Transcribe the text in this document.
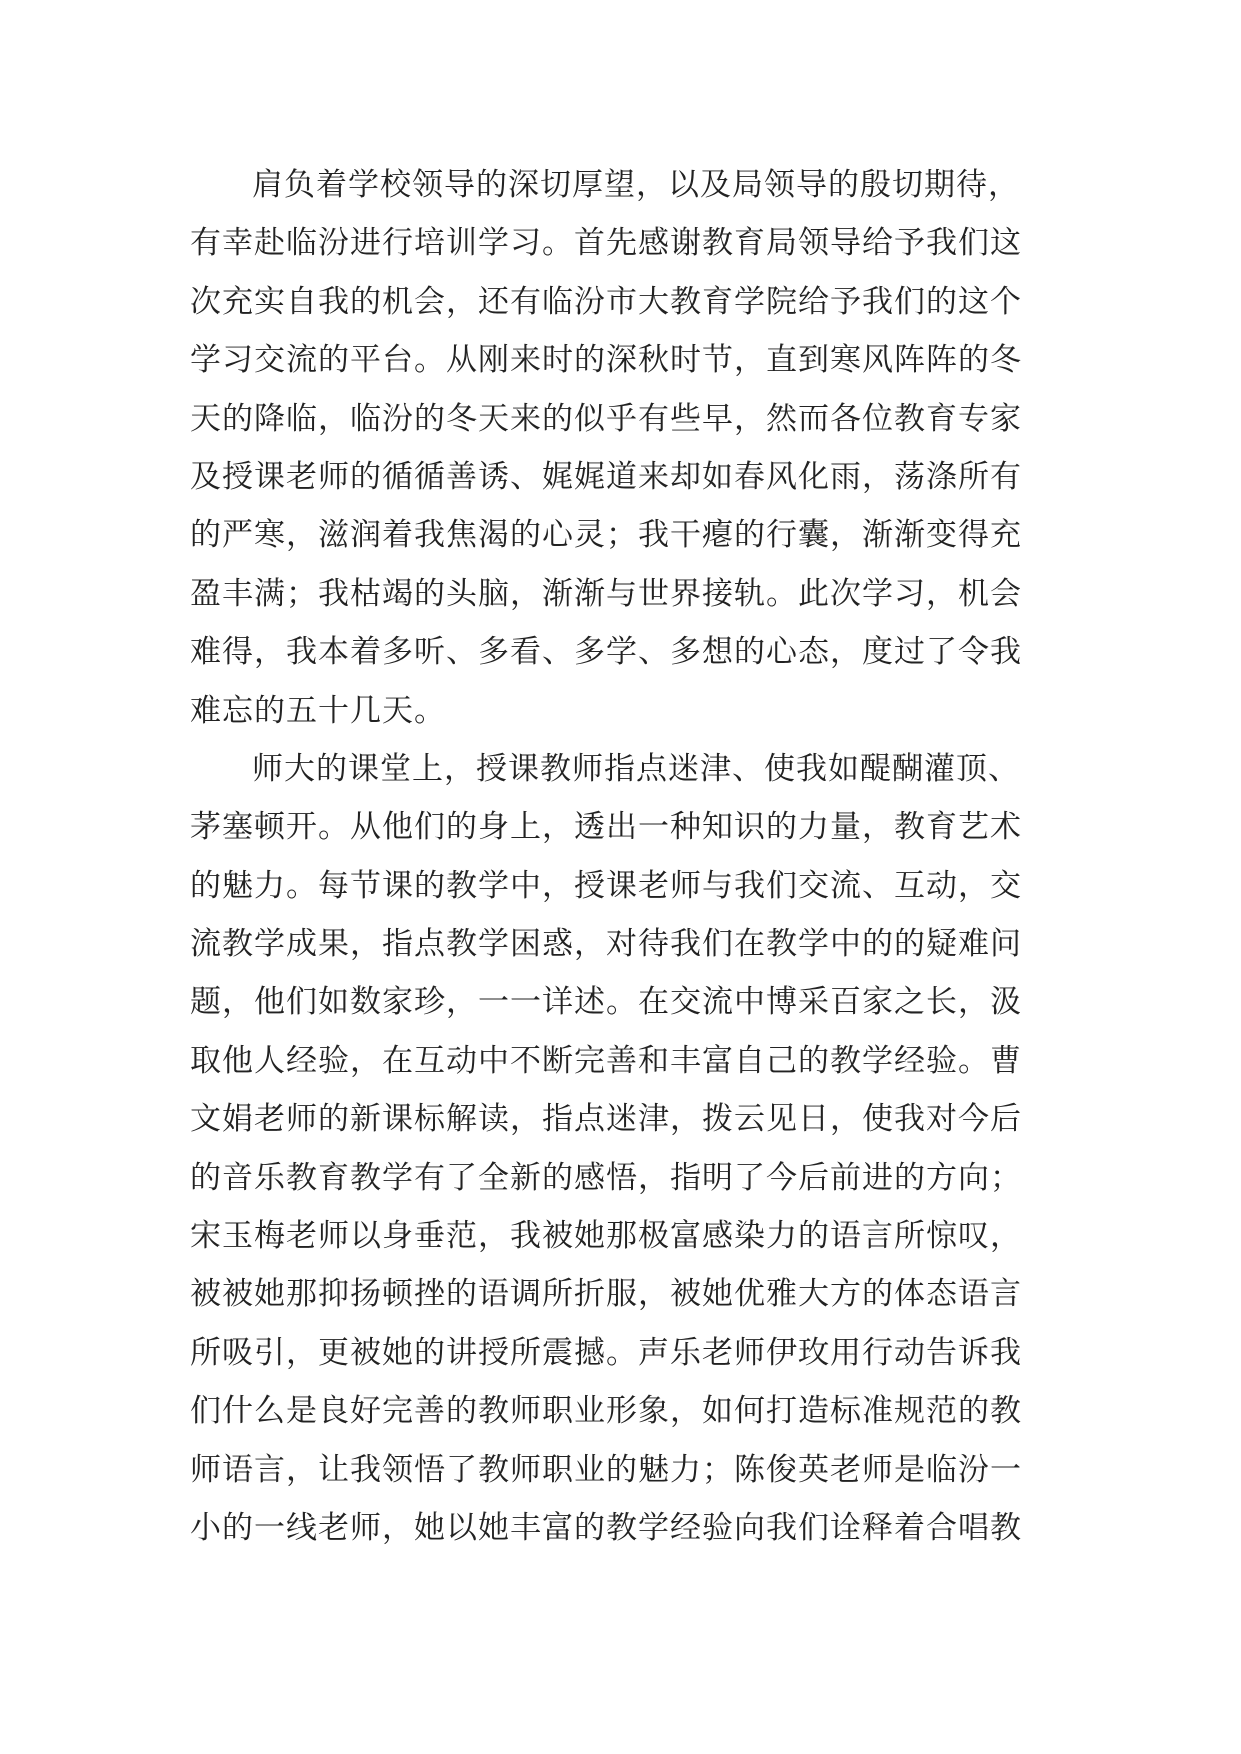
肩负着学校领导的深切厚望，以及局领导的殷切期待，
有幸赴临汾进行培训学习。首先感谢教育局领导给予我们这
次充实自我的机会，还有临汾市大教育学院给予我们的这个
学习交流的平台。从刚来时的深秋时节，直到寒风阵阵的冬
天的降临，临汾的冬天来的似乎有些早，然而各位教育专家
及授课老师的循循善诱、娓娓道来却如春风化雨，荡涤所有
的严寒，滋润着我焦渴的心灵；我干瘪的行囊，渐渐变得充
盈丰满；我枯竭的头脑，渐渐与世界接轨。此次学习，机会
难得，我本着多听、多看、多学、多想的心态，度过了令我
难忘的五十几天。
师大的课堂上，授课教师指点迷津、使我如醍醐灌顶、
茅塞顿开。从他们的身上，透出一种知识的力量，教育艺术
的魅力。每节课的教学中，授课老师与我们交流、互动，交
流教学成果，指点教学困惑，对待我们在教学中的的疑难问
题，他们如数家珍，一一详述。在交流中博采百家之长，汲
取他人经验，在互动中不断完善和丰富自己的教学经验。曹
文娟老师的新课标解读，指点迷津，拨云见日，使我对今后
的音乐教育教学有了全新的感悟，指明了今后前进的方向；
宋玉梅老师以身垂范，我被她那极富感染力的语言所惊叹，
被被她那抑扬顿挫的语调所折服，被她优雅大方的体态语言
所吸引，更被她的讲授所震撼。声乐老师伊玫用行动告诉我
们什么是良好完善的教师职业形象，如何打造标准规范的教
师语言，让我领悟了教师职业的魅力；陈俊英老师是临汾一
小的一线老师，她以她丰富的教学经验向我们诠释着合唱教
